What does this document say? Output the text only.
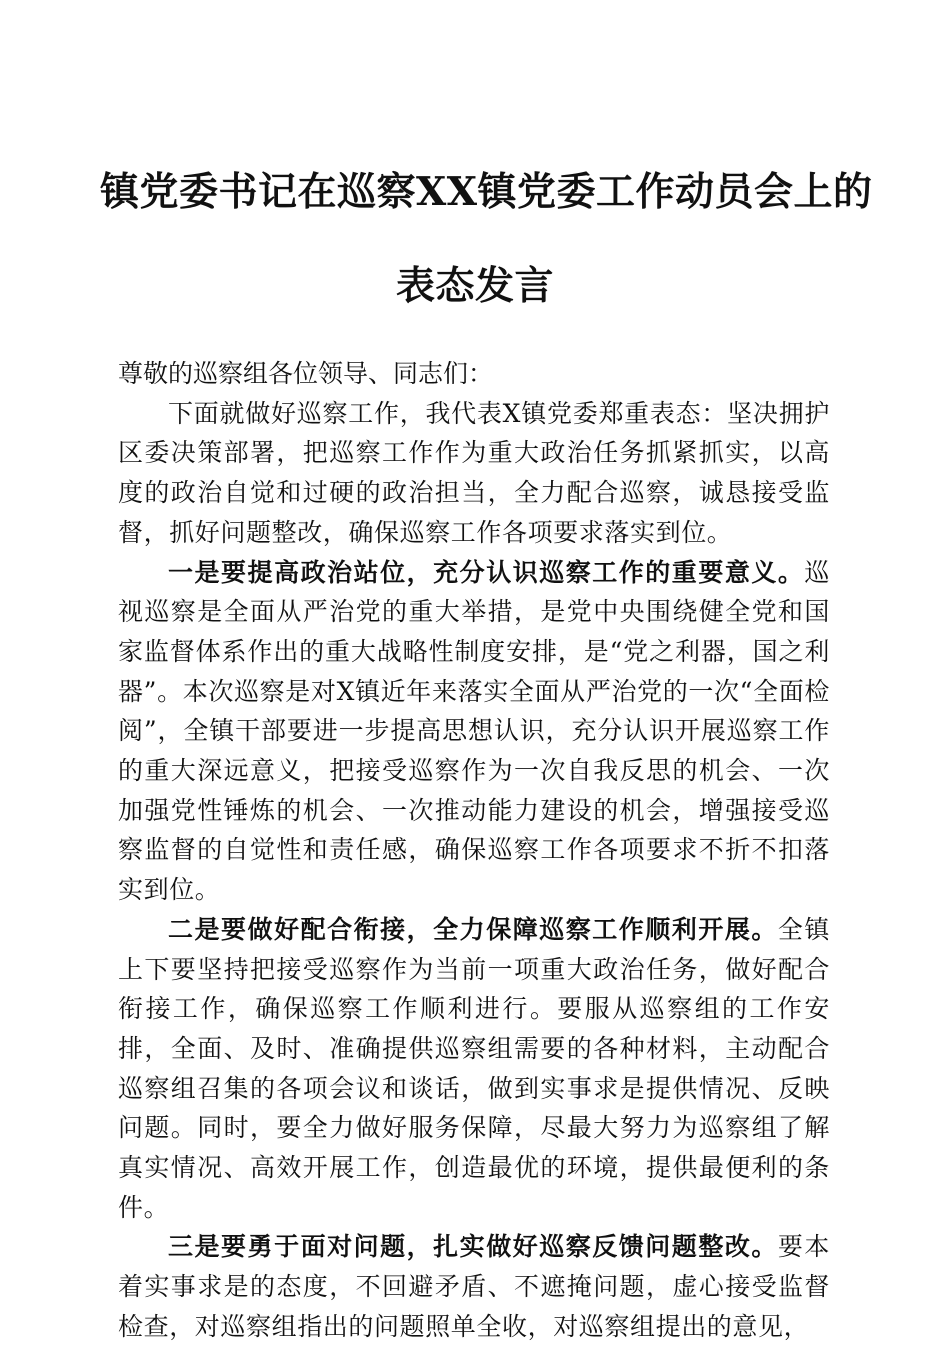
镇党委书记在巡察XX镇党委工作动员会上的
表态发言

尊敬的巡察组各位领导、同志们：

下面就做好巡察工作，我代表X镇党委郑重表态：坚决拥护区委决策部署，把巡察工作作为重大政治任务抓紧抓实，以高度的政治自觉和过硬的政治担当，全力配合巡察，诚恳接受监督，抓好问题整改，确保巡察工作各项要求落实到位。

一是要提高政治站位，充分认识巡察工作的重要意义。巡视巡察是全面从严治党的重大举措，是党中央围绕健全党和国家监督体系作出的重大战略性制度安排，是“党之利器，国之利器”。本次巡察是对X镇近年来落实全面从严治党的一次“全面检阅”，全镇干部要进一步提高思想认识，充分认识开展巡察工作的重大深远意义，把接受巡察作为一次自我反思的机会、一次加强党性锤炼的机会、一次推动能力建设的机会，增强接受巡察监督的自觉性和责任感，确保巡察工作各项要求不折不扣落实到位。

二是要做好配合衔接，全力保障巡察工作顺利开展。全镇上下要坚持把接受巡察作为当前一项重大政治任务，做好配合衔接工作，确保巡察工作顺利进行。要服从巡察组的工作安排，全面、及时、准确提供巡察组需要的各种材料，主动配合巡察组召集的各项会议和谈话，做到实事求是提供情况、反映问题。同时，要全力做好服务保障，尽最大努力为巡察组了解真实情况、高效开展工作，创造最优的环境，提供最便利的条件。

三是要勇于面对问题，扎实做好巡察反馈问题整改。要本着实事求是的态度，不回避矛盾、不遮掩问题，虚心接受监督检查，对巡察组指出的问题照单全收，对巡察组提出的意见，
